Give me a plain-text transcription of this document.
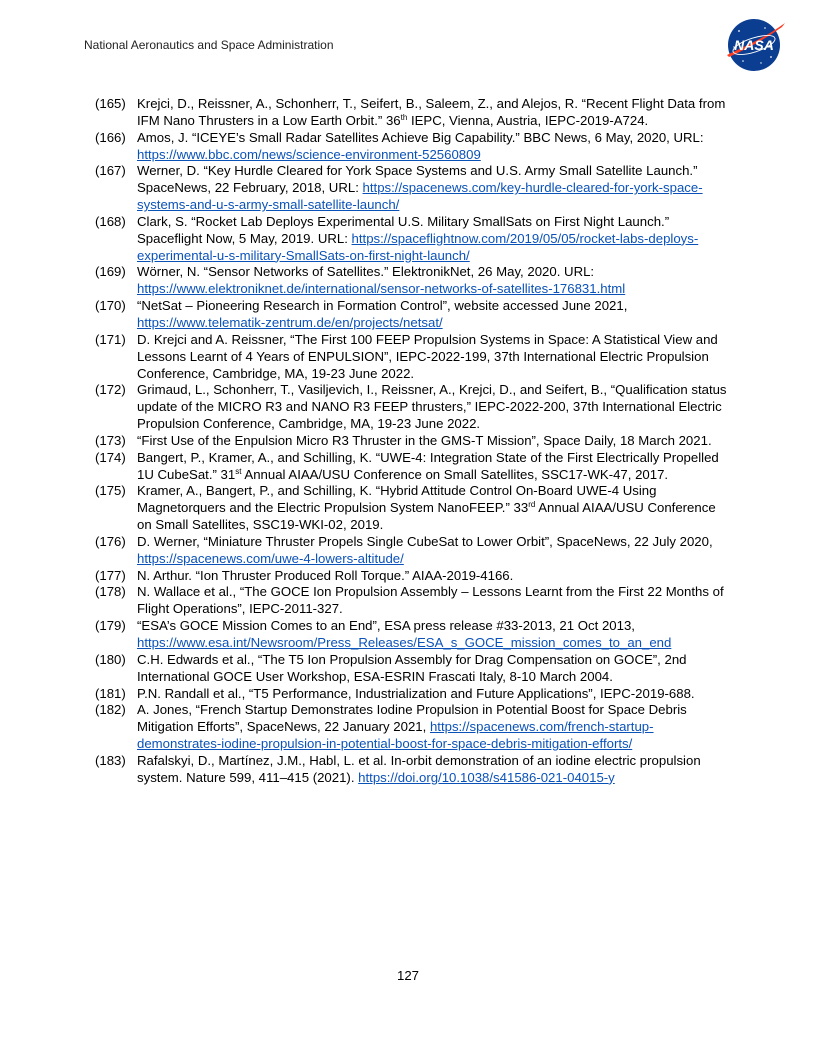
National Aeronautics and Space Administration	NASA
(165) Krejci, D., Reissner, A., Schonherr, T., Seifert, B., Saleem, Z., and Alejos, R. “Recent Flight Data from IFM Nano Thrusters in a Low Earth Orbit.” 36th IEPC, Vienna, Austria, IEPC-2019-A724.
(166) Amos, J. “ICEYE’s Small Radar Satellites Achieve Big Capability.” BBC News, 6 May, 2020, URL: https://www.bbc.com/news/science-environment-52560809
(167) Werner, D. “Key Hurdle Cleared for York Space Systems and U.S. Army Small Satellite Launch.” SpaceNews, 22 February, 2018, URL: https://spacenews.com/key-hurdle-cleared-for-york-space-systems-and-u-s-army-small-satellite-launch/
(168) Clark, S. “Rocket Lab Deploys Experimental U.S. Military SmallSats on First Night Launch.” Spaceflight Now, 5 May, 2019. URL: https://spaceflightnow.com/2019/05/05/rocket-labs-deploys-experimental-u-s-military-SmallSats-on-first-night-launch/
(169) Wörner, N. “Sensor Networks of Satellites.” ElektronikNet, 26 May, 2020. URL: https://www.elektroniknet.de/international/sensor-networks-of-satellites-176831.html
(170) “NetSat – Pioneering Research in Formation Control”, website accessed June 2021, https://www.telematik-zentrum.de/en/projects/netsat/
(171) D. Krejci and A. Reissner, “The First 100 FEEP Propulsion Systems in Space: A Statistical View and Lessons Learnt of 4 Years of ENPULSION”, IEPC-2022-199, 37th International Electric Propulsion Conference, Cambridge, MA, 19-23 June 2022.
(172) Grimaud, L., Schonherr, T., Vasiljevich, I., Reissner, A., Krejci, D., and Seifert, B., “Qualification status update of the MICRO R3 and NANO R3 FEEP thrusters,” IEPC-2022-200, 37th International Electric Propulsion Conference, Cambridge, MA, 19-23 June 2022.
(173) “First Use of the Enpulsion Micro R3 Thruster in the GMS-T Mission”, Space Daily, 18 March 2021.
(174) Bangert, P., Kramer, A., and Schilling, K. “UWE-4: Integration State of the First Electrically Propelled 1U CubeSat.” 31st Annual AIAA/USU Conference on Small Satellites, SSC17-WK-47, 2017.
(175) Kramer, A., Bangert, P., and Schilling, K. “Hybrid Attitude Control On-Board UWE-4 Using Magnetorquers and the Electric Propulsion System NanoFEEP.” 33rd Annual AIAA/USU Conference on Small Satellites, SSC19-WKI-02, 2019.
(176) D. Werner, “Miniature Thruster Propels Single CubeSat to Lower Orbit”, SpaceNews, 22 July 2020, https://spacenews.com/uwe-4-lowers-altitude/
(177) N. Arthur. “Ion Thruster Produced Roll Torque.” AIAA-2019-4166.
(178) N. Wallace et al., “The GOCE Ion Propulsion Assembly – Lessons Learnt from the First 22 Months of Flight Operations”, IEPC-2011-327.
(179) “ESA’s GOCE Mission Comes to an End”, ESA press release #33-2013, 21 Oct 2013, https://www.esa.int/Newsroom/Press_Releases/ESA_s_GOCE_mission_comes_to_an_end
(180) C.H. Edwards et al., “The T5 Ion Propulsion Assembly for Drag Compensation on GOCE”, 2nd International GOCE User Workshop, ESA-ESRIN Frascati Italy, 8-10 March 2004.
(181) P.N. Randall et al., “T5 Performance, Industrialization and Future Applications”, IEPC-2019-688.
(182) A. Jones, “French Startup Demonstrates Iodine Propulsion in Potential Boost for Space Debris Mitigation Efforts”, SpaceNews, 22 January 2021, https://spacenews.com/french-startup-demonstrates-iodine-propulsion-in-potential-boost-for-space-debris-mitigation-efforts/
(183) Rafalskyi, D., Martínez, J.M., Habl, L. et al. In-orbit demonstration of an iodine electric propulsion system. Nature 599, 411–415 (2021). https://doi.org/10.1038/s41586-021-04015-y
127
